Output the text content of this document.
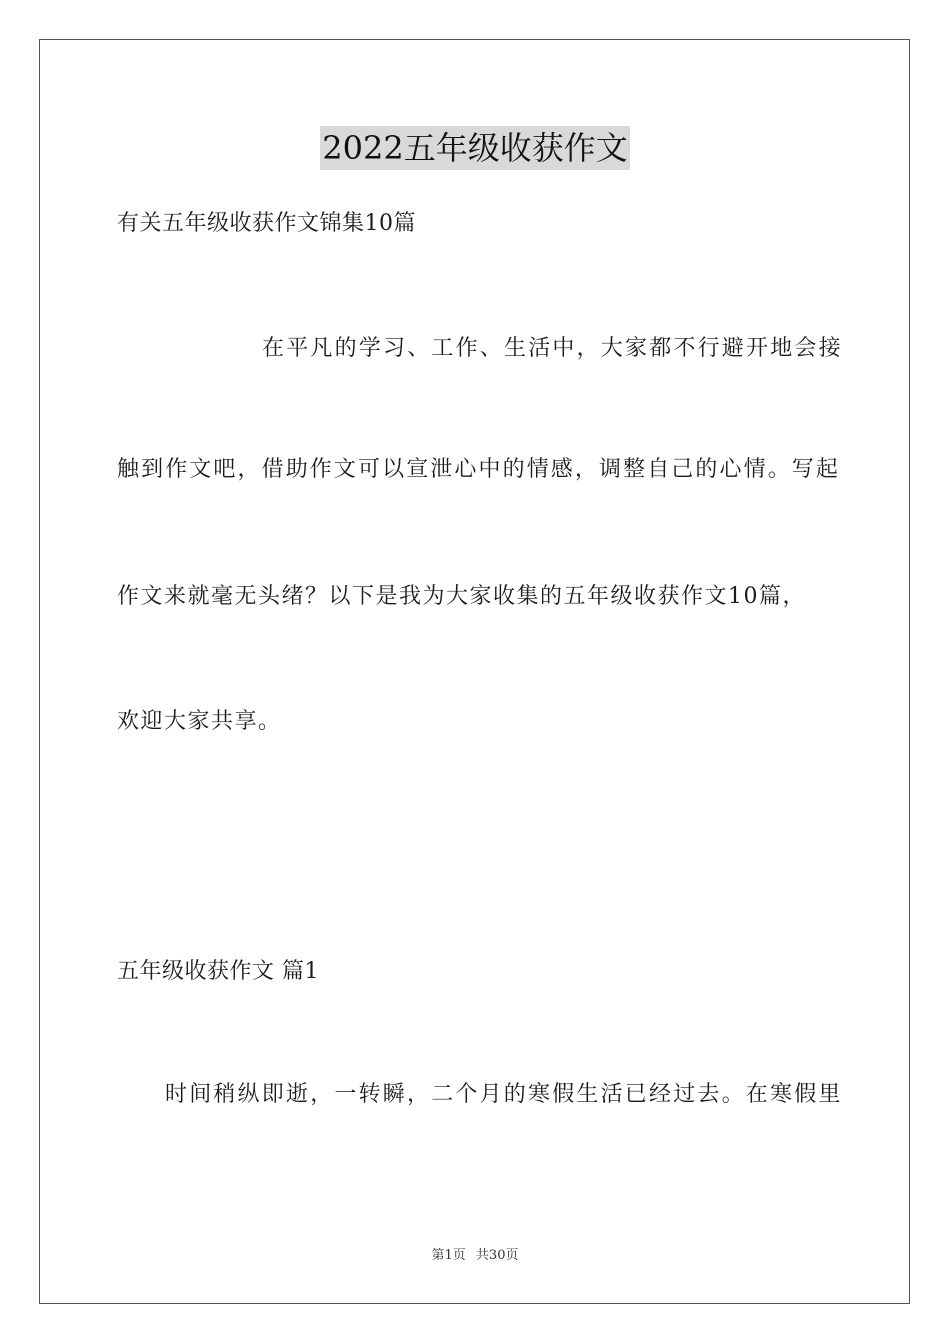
2022五年级收获作文
有关五年级收获作文锦集10篇
在平凡的学习、工作、生活中，大家都不行避开地会接
触到作文吧，借助作文可以宣泄心中的情感，调整自己的心情。写起
作文来就毫无头绪？以下是我为大家收集的五年级收获作文10篇，
欢迎大家共享。
五年级收获作文 篇1
时间稍纵即逝，一转瞬，二个月的寒假生活已经过去。在寒假里
第1页 共30页
